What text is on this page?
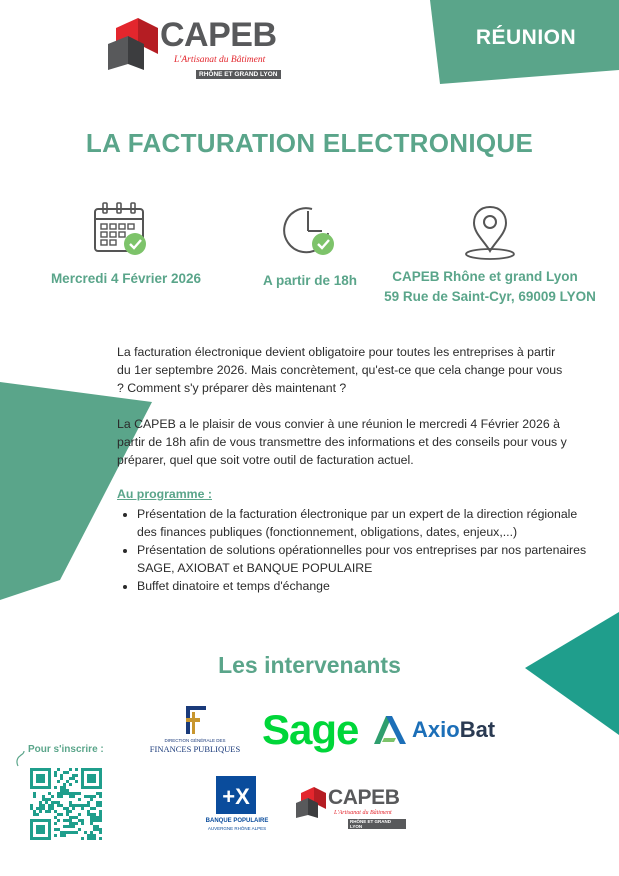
RÉUNION
CAPEB
L'Artisanat du Bâtiment
RHÔNE ET GRAND LYON
LA FACTURATION ELECTRONIQUE
Mercredi 4 Février 2026	A partir de 18h	CAPEB Rhône et grand Lyon
59 Rue de Saint-Cyr, 69009 LYON
La facturation électronique devient obligatoire pour toutes les entreprises à partir du 1er septembre 2026. Mais concrètement, qu'est-ce que cela change pour vous ? Comment s'y préparer dès maintenant ?
La CAPEB a le plaisir de vous convier à une réunion le mercredi 4 Février 2026 à partir de 18h afin de vous transmettre des informations et des conseils pour vous y préparer, quel que soit votre outil de facturation actuel.
Au programme :
• Présentation de la facturation électronique par un expert de la direction régionale des finances publiques (fonctionnement, obligations, dates, enjeux,...)
• Présentation de solutions opérationnelles pour vos entreprises par nos partenaires SAGE, AXIOBAT et BANQUE POPULAIRE
• Buffet dinatoire et temps d'échange
Les intervenants
DIRECTION GÉNÉRALE DES
FINANCES PUBLIQUES Sage AxioBat
Pour s'inscrire :
+X
BANQUE POPULAIRE
AUVERGNE RHÔNE ALPES
CAPEB
L'Artisanat du Bâtiment
RHÔNE ET GRAND LYON
